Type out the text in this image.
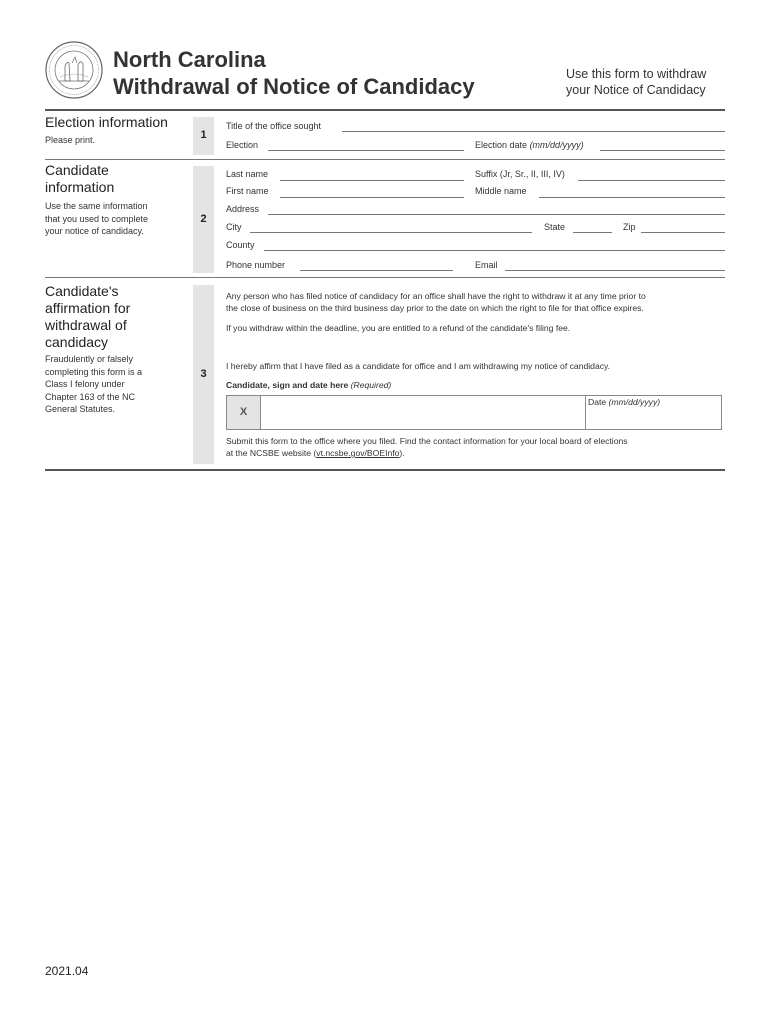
North Carolina
Withdrawal of Notice of Candidacy	Use this form to withdraw
your Notice of Candidacy
Election information
Please print.	1
Title of the office sought
Election	Election date (mm/dd/yyyy)
Candidate
information
Use the same information
that you used to complete
your notice of candidacy.
2
Last name	Suffix (Jr, Sr., II, III, IV)
First name	Middle name
Address
City	State	Zip
County
Phone number	Email
Candidate's
affirmation for
withdrawal of
candidacy
Fraudulently or falsely
completing this form is a
Class I felony under
Chapter 163 of the NC
General Statutes.
3
Any person who has filed notice of candidacy for an office shall have the right to withdraw it at any time prior to
the close of business on the third business day prior to the date on which the right to file for that office expires.
If you withdraw within the deadline, you are entitled to a refund of the candidate's filing fee.
I hereby affirm that I have filed as a candidate for office and I am withdrawing my notice of candidacy.
Candidate, sign and date here (Required)
X
Date (mm/dd/yyyy)
Submit this form to the office where you filed. Find the contact information for your local board of elections
at the NCSBE website (vt.ncsbe.gov/BOEInfo).
2021.04
